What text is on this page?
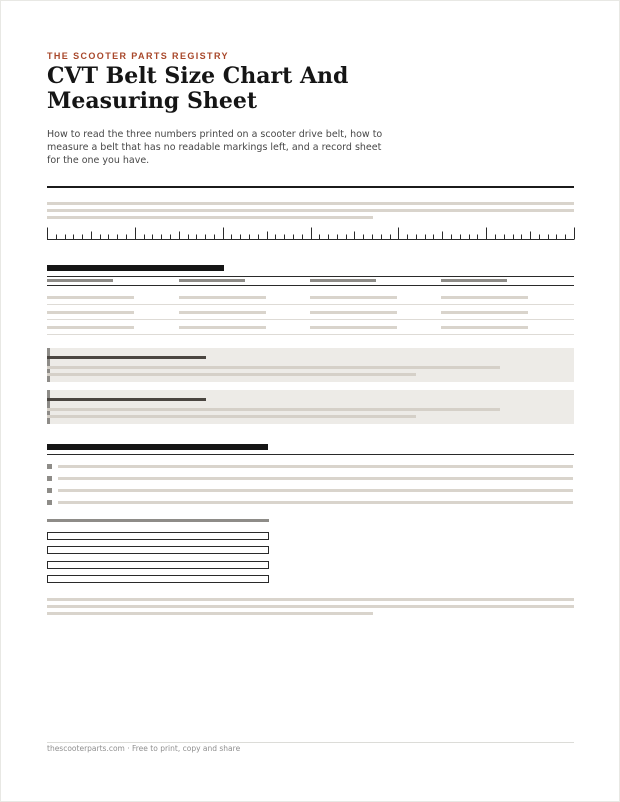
THE SCOOTER PARTS REGISTRY
CVT Belt Size Chart And Measuring Sheet

How to read the three numbers printed on a scooter drive belt, how to measure a belt that has no readable markings left, and a record sheet for the one you have.

thescooterparts.com · Free to print, copy and share
